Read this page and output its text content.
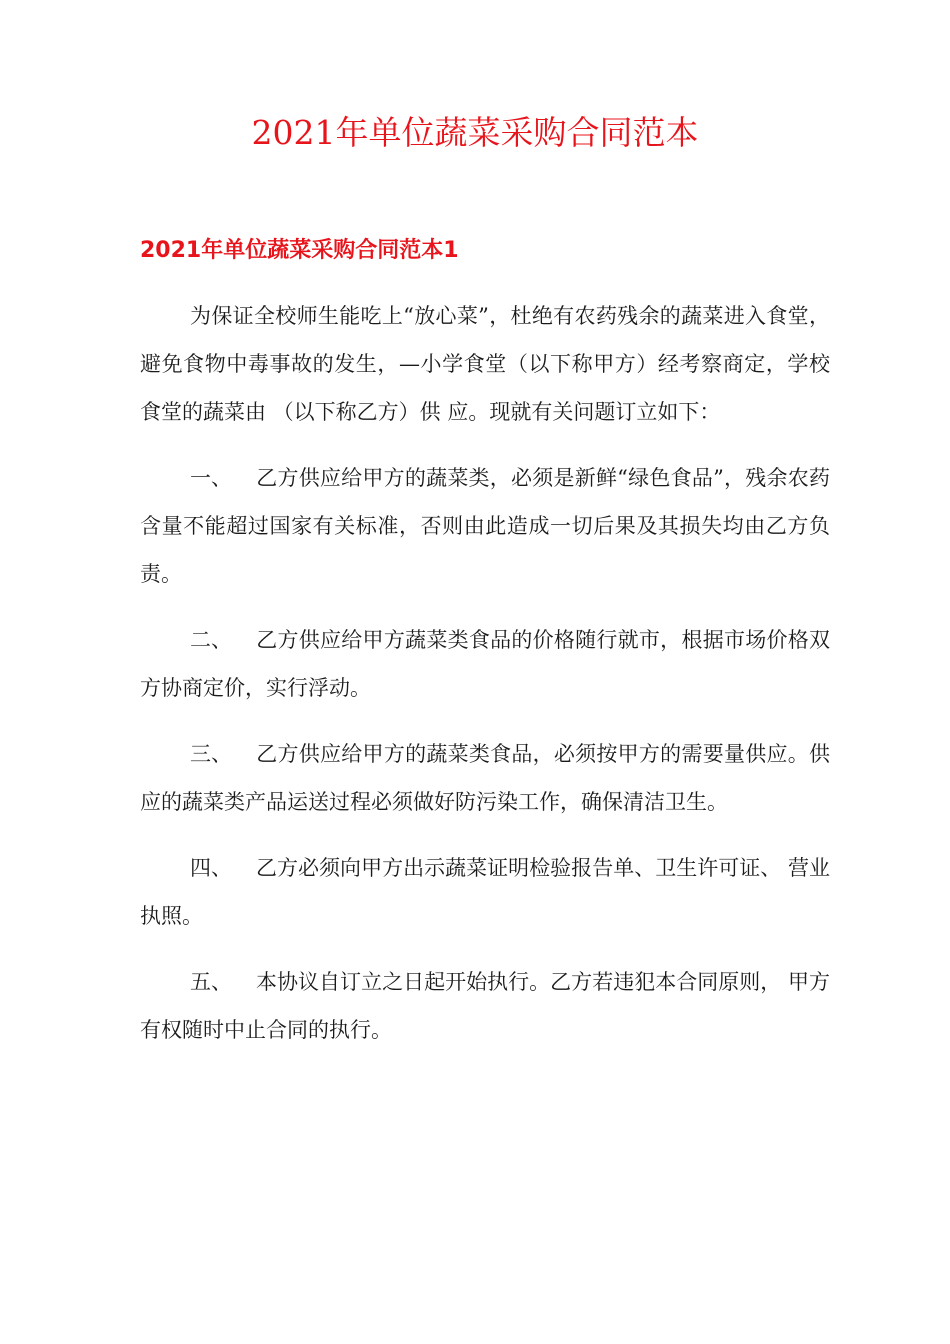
2021年单位蔬菜采购合同范本
2021年单位蔬菜采购合同范本1

为保证全校师生能吃上“放心菜”，杜绝有农药残余的蔬菜进入食堂，避免食物中毒事故的发生，—小学食堂（以下称甲方）经考察商定，学校食堂的蔬菜由 （以下称乙方）供 应。现就有关问题订立如下：

一、 乙方供应给甲方的蔬菜类，必须是新鲜“绿色食品”，残余农药含量不能超过国家有关标准，否则由此造成一切后果及其损失均由乙方负责。

二、 乙方供应给甲方蔬菜类食品的价格随行就市，根据市场价格双方协商定价，实行浮动。

三、 乙方供应给甲方的蔬菜类食品，必须按甲方的需要量供应。供应的蔬菜类产品运送过程必须做好防污染工作，确保清洁卫生。

四、 乙方必须向甲方出示蔬菜证明检验报告单、卫生许可证、 营业执照。

五、 本协议自订立之日起开始执行。乙方若违犯本合同原则， 甲方有权随时中止合同的执行。
